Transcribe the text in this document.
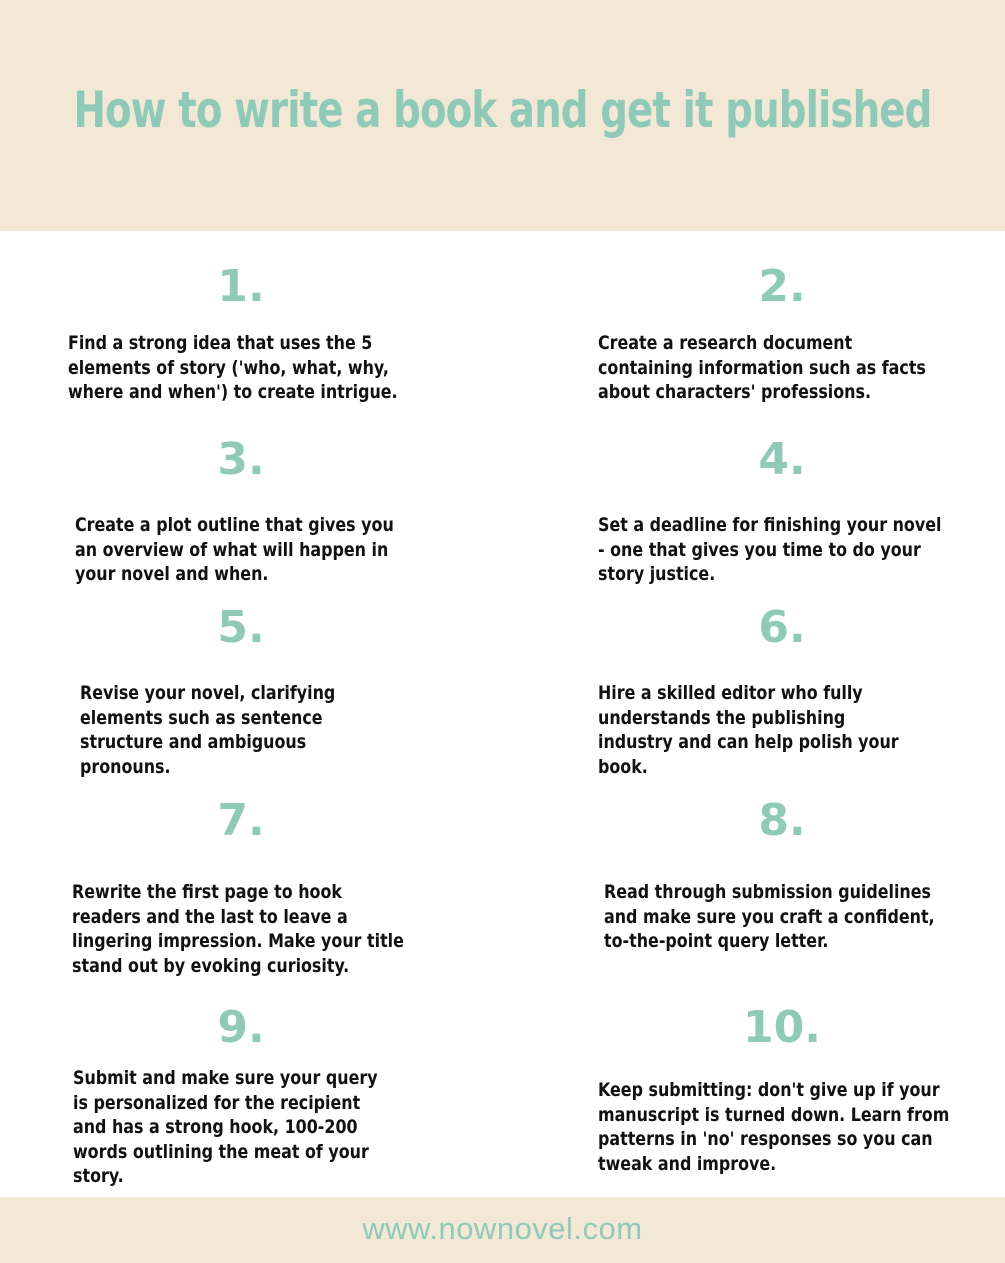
How to write a book and get it published
1.
Find a strong idea that uses the 5 elements of story ('who, what, why, where and when') to create intrigue.
2.
Create a research document containing information such as facts about characters' professions.
3.
Create a plot outline that gives you an overview of what will happen in your novel and when.
4.
Set a deadline for finishing your novel - one that gives you time to do your story justice.
5.
Revise your novel, clarifying elements such as sentence structure and ambiguous pronouns.
6.
Hire a skilled editor who fully understands the publishing industry and can help polish your book.
7.
Rewrite the first page to hook readers and the last to leave a lingering impression. Make your title stand out by evoking curiosity.
8.
Read through submission guidelines and make sure you craft a confident, to-the-point query letter.
9.
Submit and make sure your query is personalized for the recipient and has a strong hook, 100-200 words outlining the meat of your story.
10.
Keep submitting: don't give up if your manuscript is turned down. Learn from patterns in 'no' responses so you can tweak and improve.
www.nownovel.com
